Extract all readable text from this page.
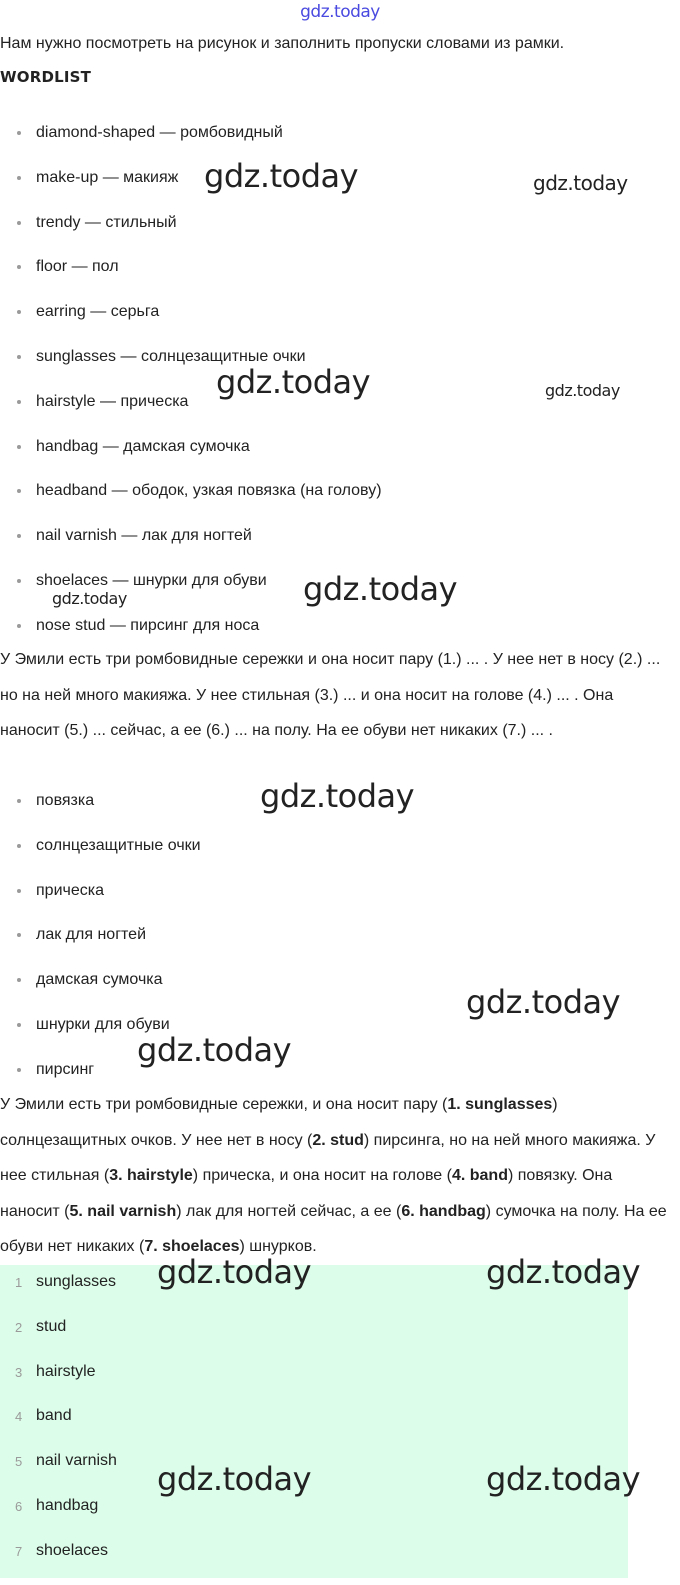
gdz.today
Нам нужно посмотреть на рисунок и заполнить пропуски словами из рамки.
WORDLIST
diamond-shaped — ромбовидный
make-up — макияж
trendy — стильный
floor — пол
earring — серьга
sunglasses — солнцезащитные очки
hairstyle — прическа
handbag — дамская сумочка
headband — ободок, узкая повязка (на голову)
nail varnish — лак для ногтей
shoelaces — шнурки для обуви
nose stud — пирсинг для носа
У Эмили есть три ромбовидные сережки и она носит пару (1.) ... . У нее нет в носу (2.) ... но на ней много макияжа. У нее стильная (3.) ... и она носит на голове (4.) ... . Она наносит (5.) ... сейчас, а ее (6.) ... на полу. На ее обуви нет никаких (7.) ... .
повязка
солнцезащитные очки
прическа
лак для ногтей
дамская сумочка
шнурки для обуви
пирсинг
У Эмили есть три ромбовидные сережки, и она носит пару (1. sunglasses) солнцезащитных очков. У нее нет в носу (2. stud) пирсинга, но на ней много макияжа. У нее стильная (3. hairstyle) прическа, и она носит на голове (4. band) повязку. Она наносит (5. nail varnish) лак для ногтей сейчас, а ее (6. handbag) сумочка на полу. На ее обуви нет никаких (7. shoelaces) шнурков.
1 sunglasses
2 stud
3 hairstyle
4 band
5 nail varnish
6 handbag
7 shoelaces
gdz.today	gdz.today
gdz.today	gdz.today
gdz.today
gdz.today
gdz.today
gdz.today
gdz.today
gdz.today	gdz.today
gdz.today	gdz.today
